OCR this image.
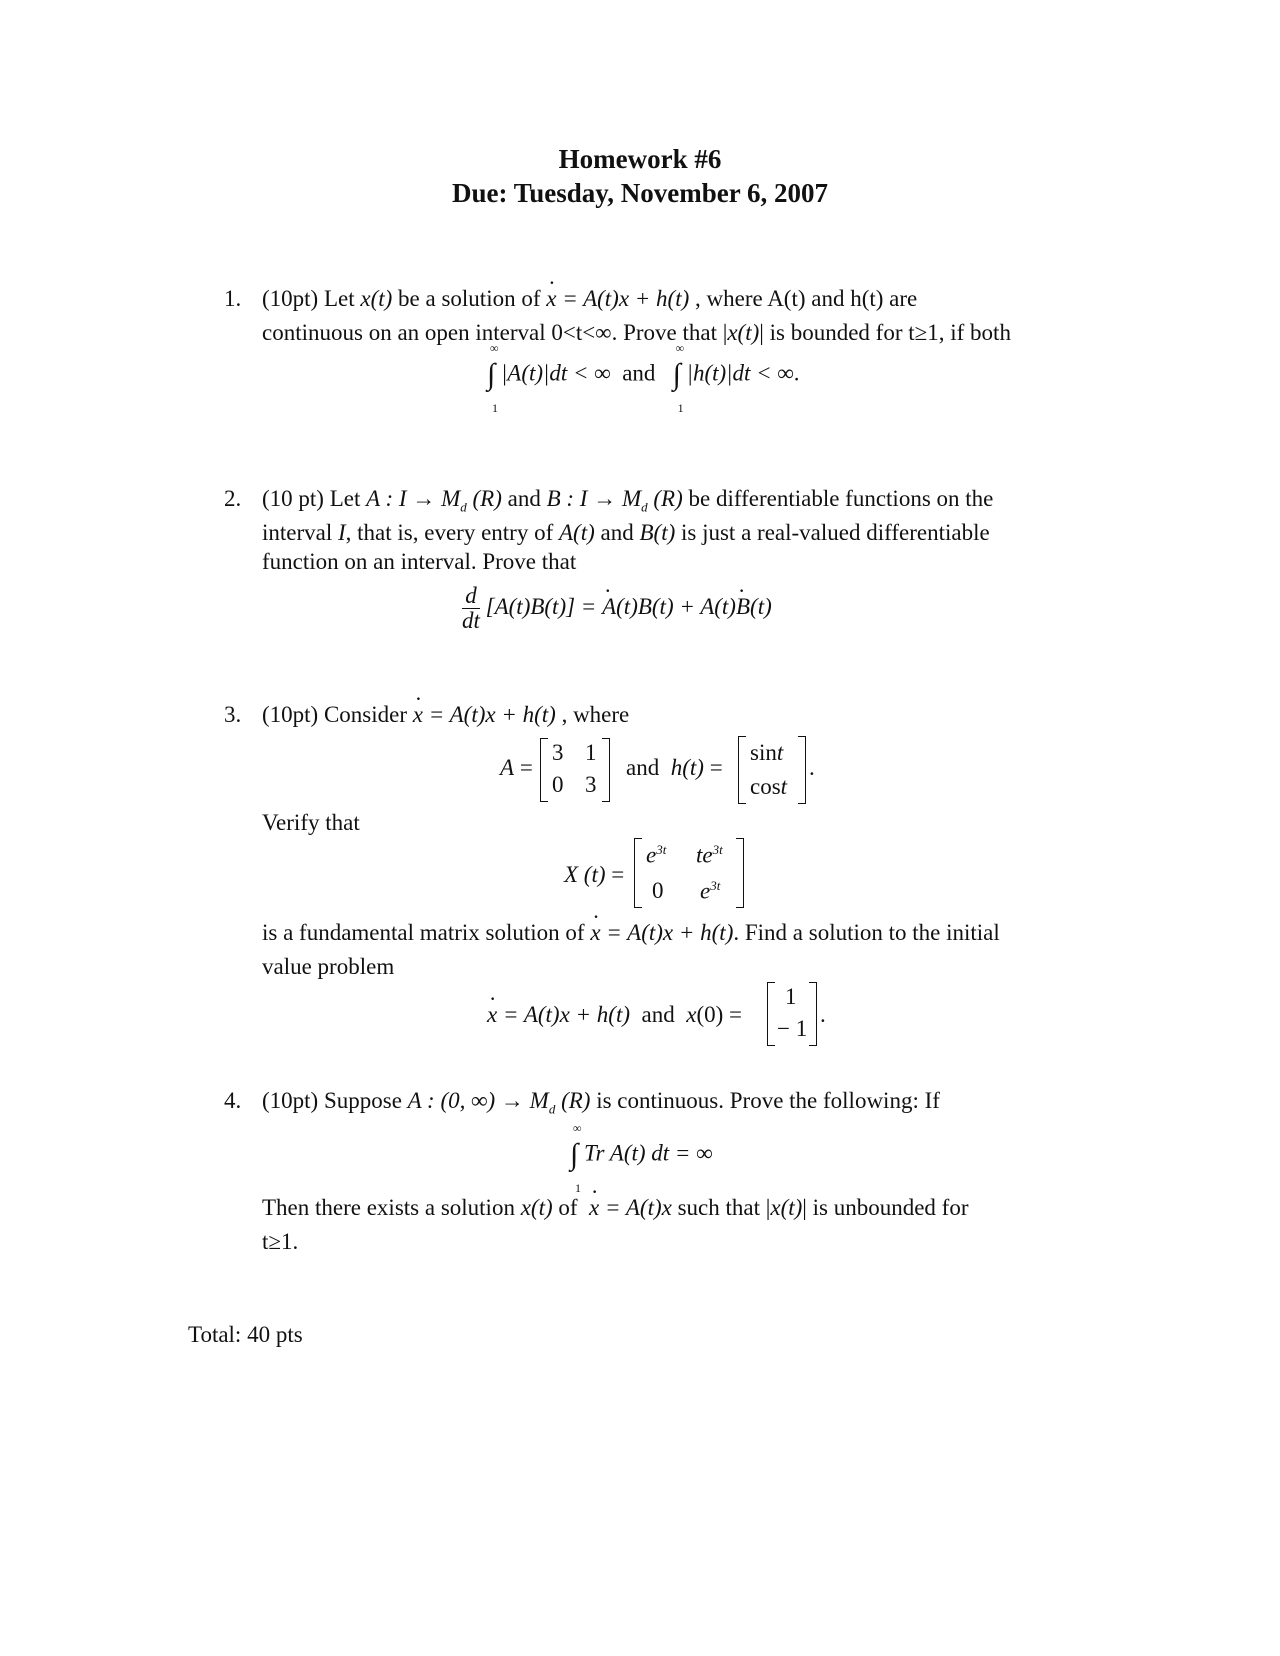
Homework #6
Due: Tuesday, November 6, 2007
1. (10pt) Let x(t) be a solution of · x = A(t)x + h(t) , where A(t) and h(t) are
continuous on an open interval 0<t<∞. Prove that |x(t)| is bounded for t≥1, if both
∫
∞
1
|A(t)|dt < ∞  and   ∫
∞
1
|h(t)|dt < ∞.
2. (10 pt) Let A : $I \to M_d$ (R) and B : $I \to M_d$ (R) be differentiable functions on the
interval I, that is, every entry of A(t) and B(t) is just a real-valued differentiable
function on an interval. Prove that
$\frac{d}{dt} [A(t)B(t)]$ = · A(t)B(t) + A(t)· B(t)
3. (10pt) Consider · x = A(t)x + h(t) , where
A =
3 1
0 3
and  h(t) =
sint
cost
.
Verify that
X (t) =
$e^{3t}$ $te^{3t}$
0 $e^{3t}$
is a fundamental matrix solution of · x = A(t)x + h(t). Find a solution to the initial
value problem
· x = A(t)x + h(t)  and  x(0) =
1
− 1
.
4. (10pt) Suppose A : (0, ∞) → $M_d$ (R) is continuous. Prove the following: If
∫
∞
1
Tr A(t) dt = ∞
Then there exists a solution x(t) of  · x = A(t)x such that |x(t)| is unbounded for
t≥1.
Total: 40 pts
